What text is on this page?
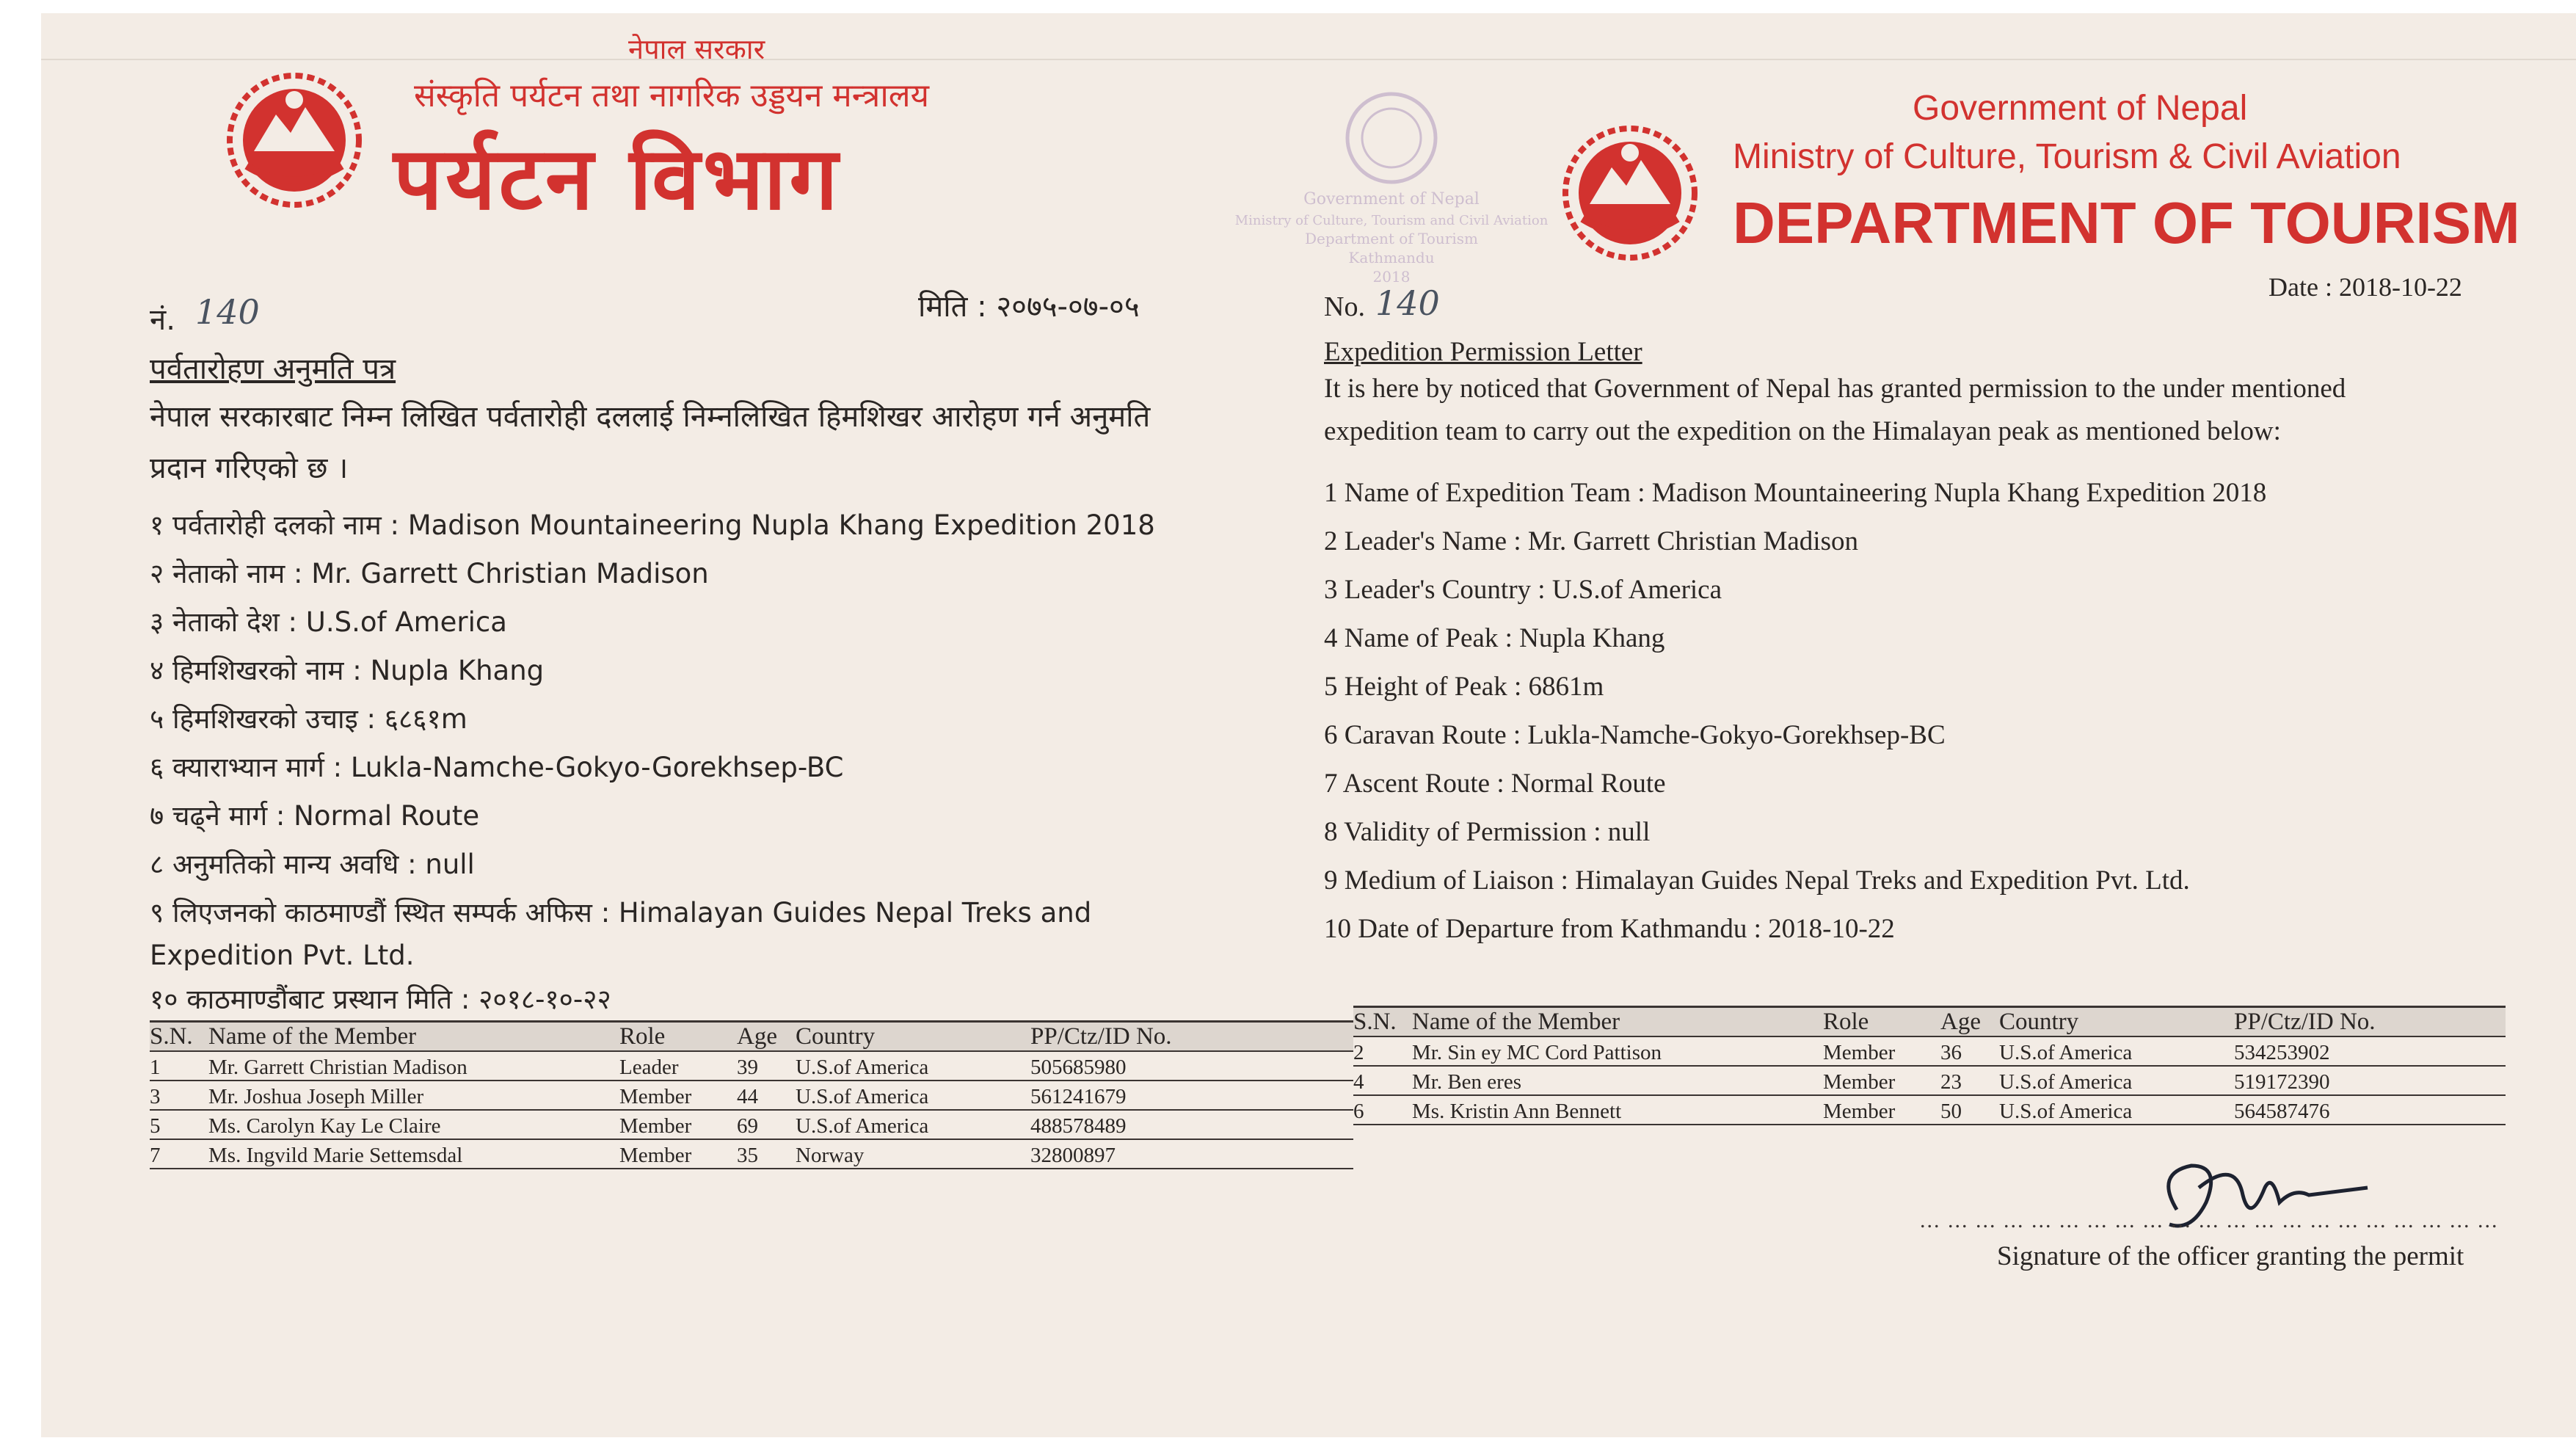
नेपाल सरकार
संस्कृति पर्यटन तथा नागरिक उड्डयन मन्त्रालय
पर्यटन विभाग	Government of Nepal
Ministry of Culture, Tourism and Civil Aviation
Department of Tourism
Kathmandu
2018
Government of Nepal
Ministry of Culture, Tourism & Civil Aviation
DEPARTMENT OF TOURISM
Date : 2018-10-22
नं. 140	मिति : २०७५-०७-०५
पर्वतारोहण अनुमति पत्र
नेपाल सरकारबाट निम्न लिखित पर्वतारोही दललाई निम्नलिखित हिमशिखर आरोहण गर्न अनुमति
प्रदान गरिएको छ ।
१ पर्वतारोही दलको नाम : Madison Mountaineering Nupla Khang Expedition 2018
२ नेताको नाम : Mr. Garrett Christian Madison
३ नेताको देश : U.S.of America
४ हिमशिखरको नाम : Nupla Khang
५ हिमशिखरको उचाइ : ६८६१m
६ क्याराभ्यान मार्ग : Lukla-Namche-Gokyo-Gorekhsep-BC
७ चढ्ने मार्ग : Normal Route
८ अनुमतिको मान्य अवधि : null
९ लिएजनको काठमाण्डौं स्थित सम्पर्क अफिस : Himalayan Guides Nepal Treks and
Expedition Pvt. Ltd.
१० काठमाण्डौंबाट प्रस्थान मिति : २०१८-१०-२२
No. 140
Expedition Permission Letter
It is here by noticed that Government of Nepal has granted permission to the under mentioned
expedition team to carry out the expedition on the Himalayan peak as mentioned below:
1 Name of Expedition Team : Madison Mountaineering Nupla Khang Expedition 2018
2 Leader's Name : Mr. Garrett Christian Madison
3 Leader's Country : U.S.of America
4 Name of Peak : Nupla Khang
5 Height of Peak : 6861m
6 Caravan Route : Lukla-Namche-Gokyo-Gorekhsep-BC
7 Ascent Route : Normal Route
8 Validity of Permission : null
9 Medium of Liaison : Himalayan Guides Nepal Treks and Expedition Pvt. Ltd.
10 Date of Departure from Kathmandu : 2018-10-22
S.N.	Name of the Member	Role	Age	Country	PP/Ctz/ID No.
1	Mr. Garrett Christian Madison	Leader	39	U.S.of America	505685980
3	Mr. Joshua Joseph Miller	Member	44	U.S.of America	561241679
5	Ms. Carolyn Kay Le Claire	Member	69	U.S.of America	488578489
7	Ms. Ingvild Marie Settemsdal	Member	35	Norway	32800897
S.N.	Name of the Member	Role	Age	Country	PP/Ctz/ID No.
2	Mr. Sin ey MC Cord Pattison	Member	36	U.S.of America	534253902
4	Mr. Ben eres	Member	23	U.S.of America	519172390
6	Ms. Kristin Ann Bennett	Member	50	U.S.of America	564587476
... ... ... ... ... ... ... ... ... ... ... ... ... ... ... ... ... ... ... ... ...
Signature of the officer granting the permit
